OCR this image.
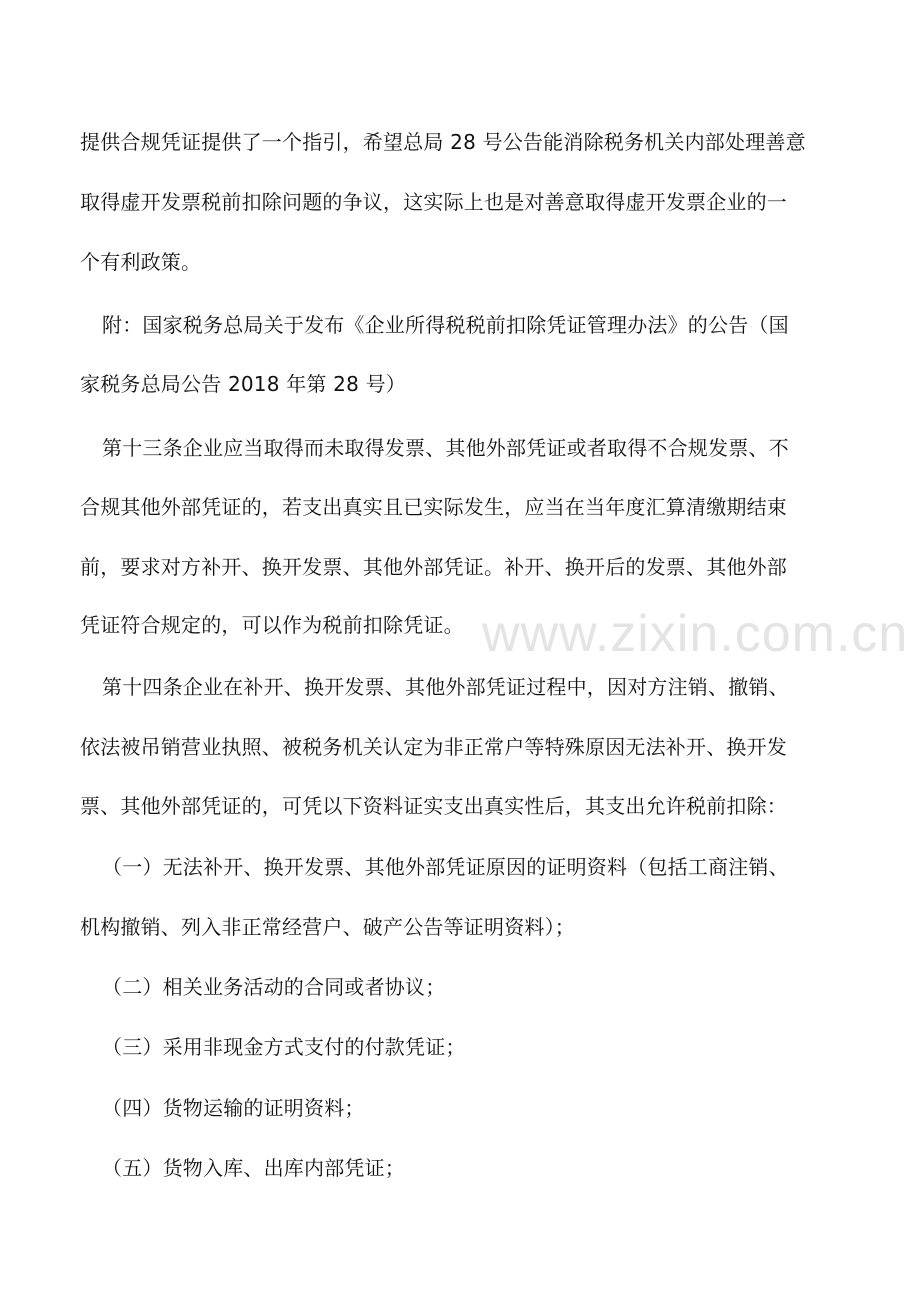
www.zixin.com.cn
提供合规凭证提供了一个指引，希望总局 28 号公告能消除税务机关内部处理善意
取得虚开发票税前扣除问题的争议，这实际上也是对善意取得虚开发票企业的一
个有利政策。
附：国家税务总局关于发布《企业所得税税前扣除凭证管理办法》的公告（国
家税务总局公告 2018 年第 28 号）
第十三条企业应当取得而未取得发票、其他外部凭证或者取得不合规发票、不
合规其他外部凭证的，若支出真实且已实际发生，应当在当年度汇算清缴期结束
前，要求对方补开、换开发票、其他外部凭证。补开、换开后的发票、其他外部
凭证符合规定的，可以作为税前扣除凭证。
第十四条企业在补开、换开发票、其他外部凭证过程中，因对方注销、撤销、
依法被吊销营业执照、被税务机关认定为非正常户等特殊原因无法补开、换开发
票、其他外部凭证的，可凭以下资料证实支出真实性后，其支出允许税前扣除：
（一）无法补开、换开发票、其他外部凭证原因的证明资料（包括工商注销、
机构撤销、列入非正常经营户、破产公告等证明资料）；
（二）相关业务活动的合同或者协议；
（三）采用非现金方式支付的付款凭证；
（四）货物运输的证明资料；
（五）货物入库、出库内部凭证；
